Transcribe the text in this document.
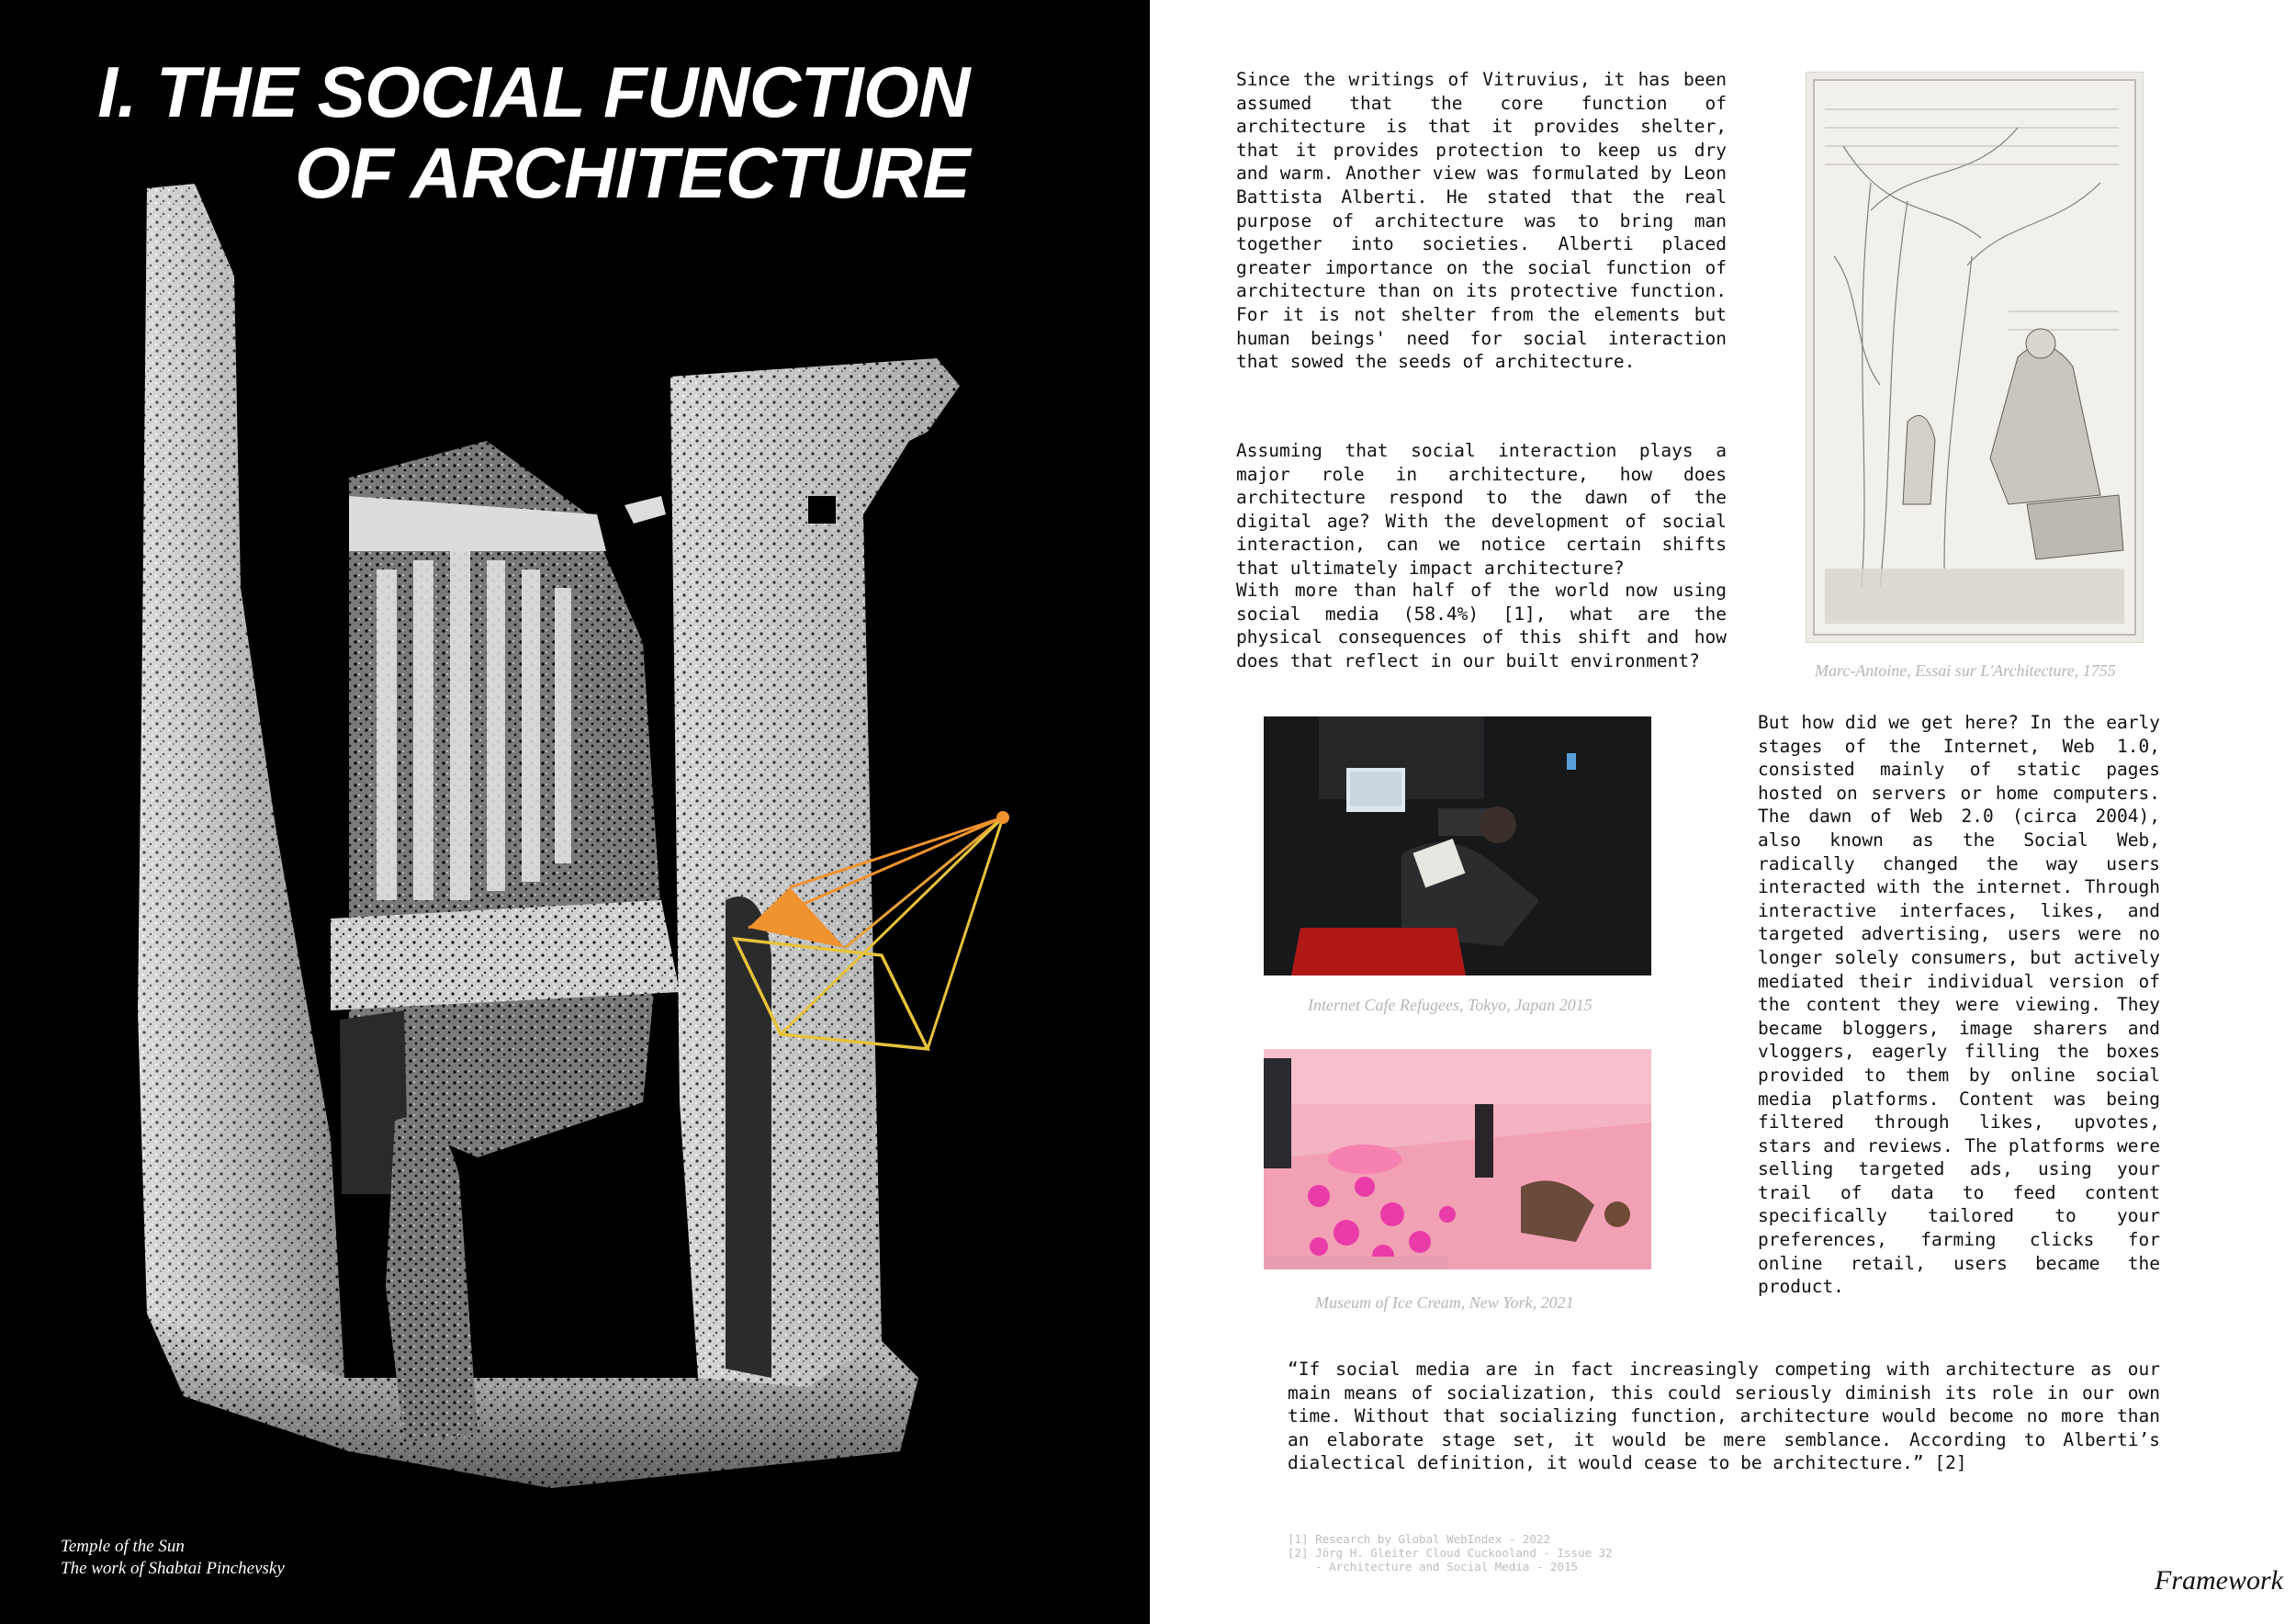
I. THE SOCIAL FUNCTION
OF ARCHITECTURE
Temple of the Sun
The work of Shabtai Pinchevsky

Since the writings of Vitruvius, it has been assumed that the core function of architecture is that it provides shelter, that it provides protection to keep us dry and warm. Another view was formulated by Leon Battista Alberti. He stated that the real purpose of architecture was to bring man together into societies. Alberti placed greater importance on the social function of architecture than on its protective function. For it is not shelter from the elements but human beings' need for social interaction that sowed the seeds of architecture.

Assuming that social interaction plays a major role in architecture, how does architecture respond to the dawn of the digital age? With the development of social interaction, can we notice certain shifts that ultimately impact architecture?

With more than half of the world now using social media (58.4%) [1], what are the physical consequences of this shift and how does that reflect in our built environment?	Marc-Antoine, Essai sur L'Architecture, 1755
Internet Cafe Refugees, Tokyo, Japan 2015
Museum of Ice Cream, New York, 2021

But how did we get here? In the early stages of the Internet, Web 1.0, consisted mainly of static pages hosted on servers or home computers. The dawn of Web 2.0 (circa 2004), also known as the Social Web, radically changed the way users interacted with the internet. Through interactive interfaces, likes, and targeted advertising, users were no longer solely consumers, but actively mediated their individual version of the content they were viewing. They became bloggers, image sharers and vloggers, eagerly filling the boxes provided to them by online social media platforms. Content was being filtered through likes, upvotes, stars and reviews. The platforms were selling targeted ads, using your trail of data to feed content specifically tailored to your preferences, farming clicks for online retail, users became the product.

“If social media are in fact increasingly competing with architecture as our main means of socialization, this could seriously diminish its role in our own time. Without that socializing function, architecture would become no more than an elaborate stage set, it would be mere semblance. According to Alberti’s dialectical definition, it would cease to be architecture.” [2]

[1] Research by Global WebIndex - 2022
[2] Jörg H. Gleiter Cloud Cuckooland - Issue 32
- Architecture and Social Media - 2015	Framework
